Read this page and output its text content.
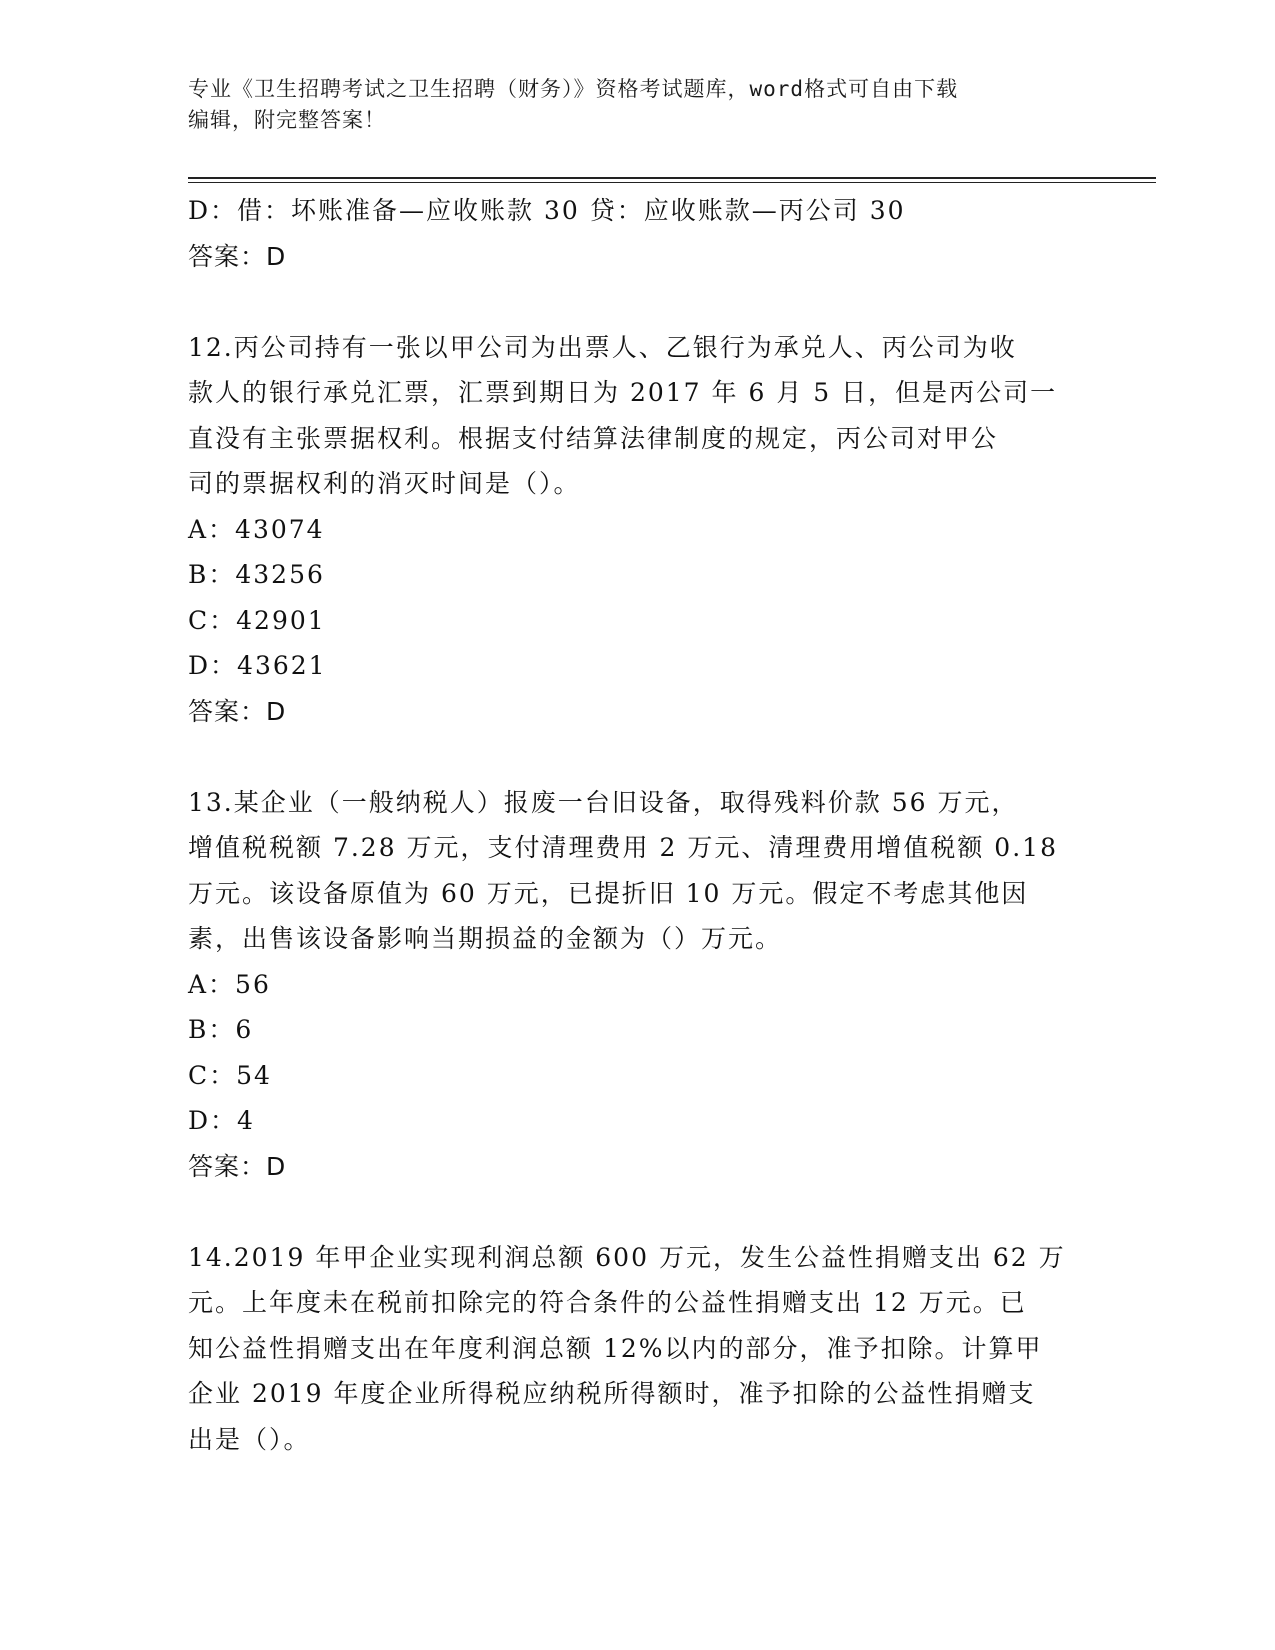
专业《卫生招聘考试之卫生招聘（财务）》资格考试题库，word格式可自由下载
编辑，附完整答案！
D：借：坏账准备—应收账款 30 贷：应收账款—丙公司 30
答案：D
12.丙公司持有一张以甲公司为出票人、乙银行为承兑人、丙公司为收
款人的银行承兑汇票，汇票到期日为 2017 年 6 月 5 日，但是丙公司一
直没有主张票据权利。根据支付结算法律制度的规定，丙公司对甲公
司的票据权利的消灭时间是（）。
A：43074
B：43256
C：42901
D：43621
答案：D
13.某企业（一般纳税人）报废一台旧设备，取得残料价款 56 万元，
增值税税额 7.28 万元，支付清理费用 2 万元、清理费用增值税额 0.18
万元。该设备原值为 60 万元，已提折旧 10 万元。假定不考虑其他因
素，出售该设备影响当期损益的金额为（）万元。
A：56
B：6
C：54
D：4
答案：D
14.2019 年甲企业实现利润总额 600 万元，发生公益性捐赠支出 62 万
元。上年度未在税前扣除完的符合条件的公益性捐赠支出 12 万元。已
知公益性捐赠支出在年度利润总额 12%以内的部分，准予扣除。计算甲
企业 2019 年度企业所得税应纳税所得额时，准予扣除的公益性捐赠支
出是（）。
